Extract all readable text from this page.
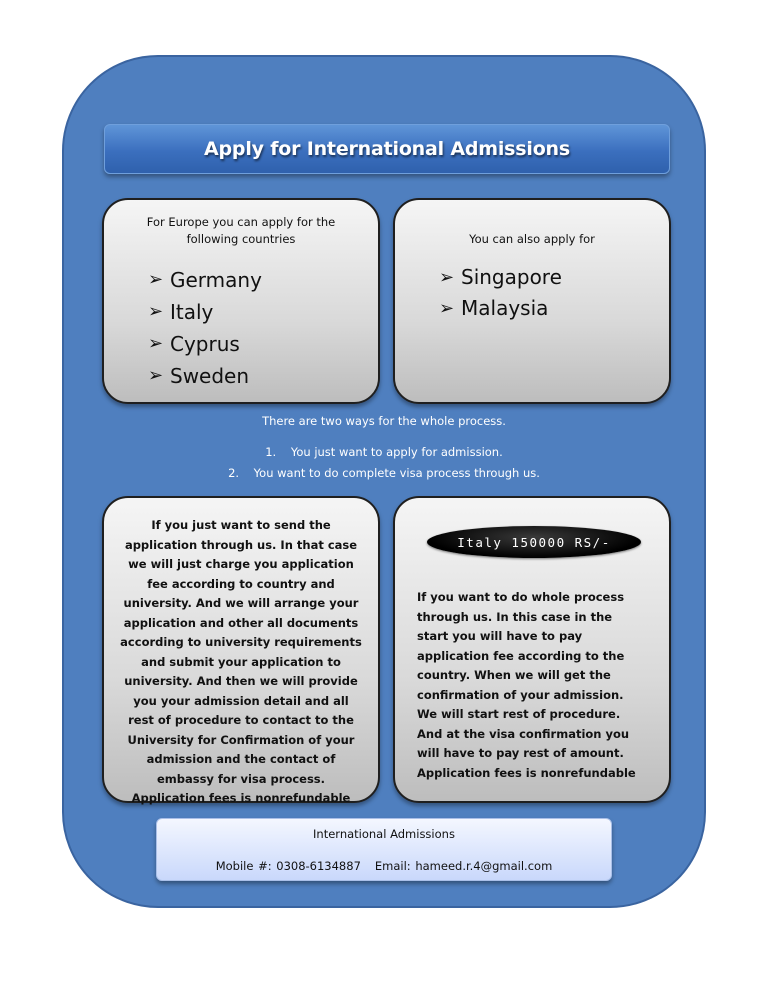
Apply for International Admissions
For Europe you can apply for the following countries
➢ Germany
➢ Italy
➢ Cyprus
➢ Sweden
You can also apply for
➢ Singapore
➢ Malaysia
There are two ways for the whole process.
1. You just want to apply for admission.
2. You want to do complete visa process through us.
If you just want to send the application through us. In that case we will just charge you application fee according to country and university. And we will arrange your application and other all documents according to university requirements and submit your application to university. And then we will provide you your admission detail and all rest of procedure to contact to the University for Confirmation of your admission and the contact of embassy for visa process. Application fees is nonrefundable
Italy 150000 RS/-
If you want to do whole process through us. In this case in the start you will have to pay application fee according to the country. When we will get the confirmation of your admission. We will start rest of procedure. And at the visa confirmation you will have to pay rest of amount. Application fees is nonrefundable
International Admissions
Mobile #: 0308-6134887 Email: hameed.r.4@gmail.com
